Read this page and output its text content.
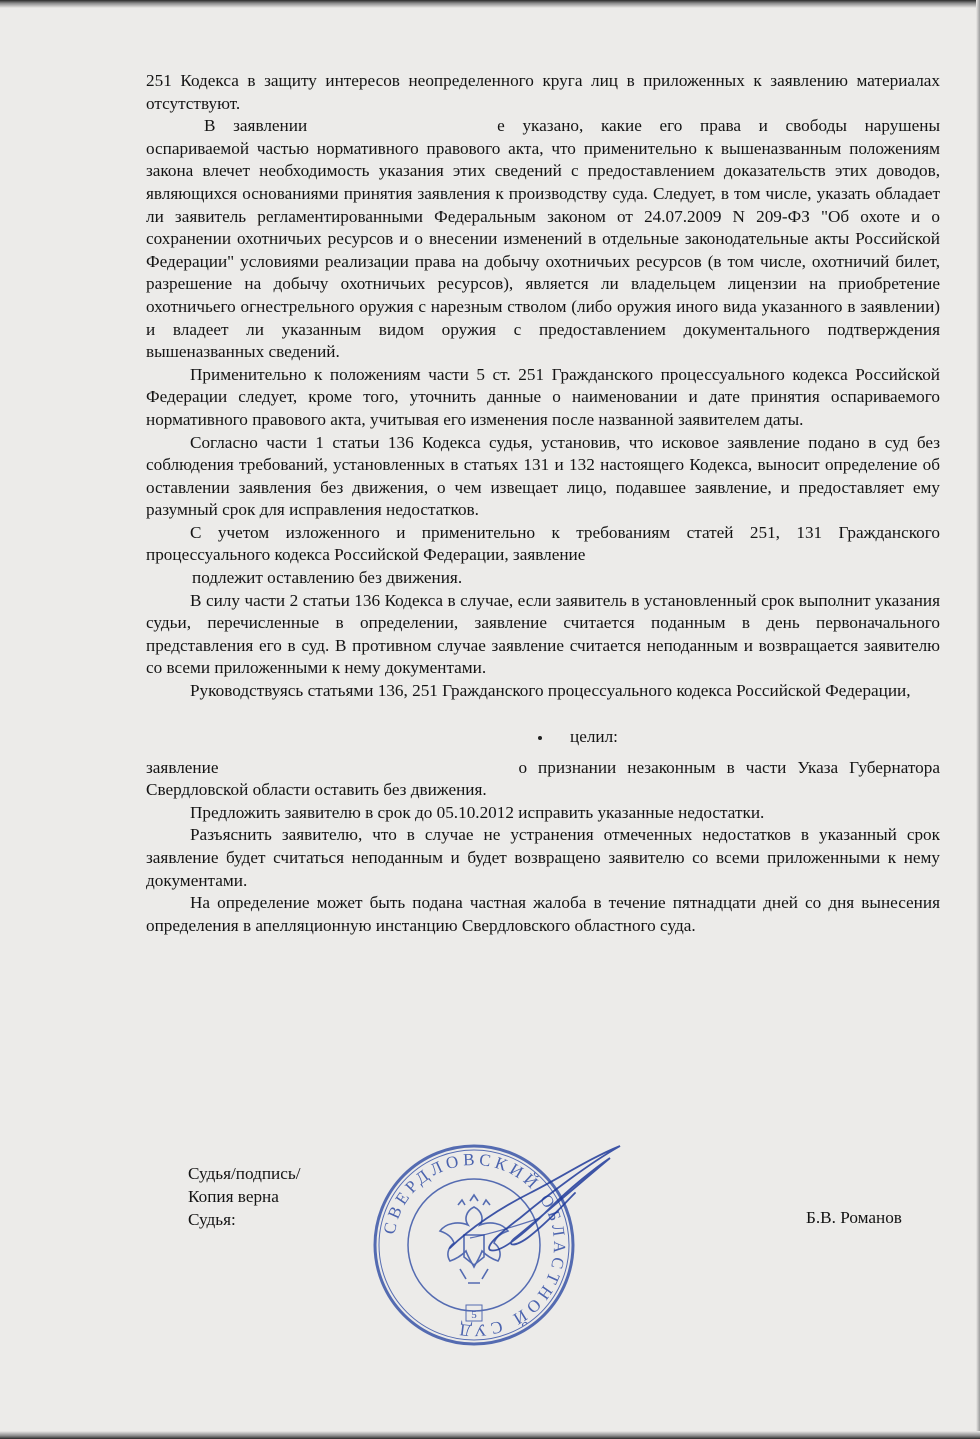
251 Кодекса в защиту интересов неопределенного круга лиц в приложенных к заявлению материалах отсутствуют.

В заявлении	е указано, какие его права и свободы нарушены оспариваемой частью нормативного правового акта, что применительно к вышеназванным положениям закона влечет необходимость указания этих сведений с предоставлением доказательств этих доводов, являющихся основаниями принятия заявления к производству суда. Следует, в том числе, указать обладает ли заявитель регламентированными Федеральным законом от 24.07.2009 N 209-ФЗ "Об охоте и о сохранении охотничьих ресурсов и о внесении изменений в отдельные законодательные акты Российской Федерации" условиями реализации права на добычу охотничьих ресурсов (в том числе, охотничий билет, разрешение на добычу охотничьих ресурсов), является ли владельцем лицензии на приобретение охотничьего огнестрельного оружия с нарезным стволом (либо оружия иного вида указанного в заявлении) и владеет ли указанным видом оружия с предоставлением документального подтверждения вышеназванных сведений.

Применительно к положениям части 5 ст. 251 Гражданского процессуального кодекса Российской Федерации следует, кроме того, уточнить данные о наименовании и дате принятия оспариваемого нормативного правового акта, учитывая его изменения после названной заявителем даты.

Согласно части 1 статьи 136 Кодекса судья, установив, что исковое заявление подано в суд без соблюдения требований, установленных в статьях 131 и 132 настоящего Кодекса, выносит определение об оставлении заявления без движения, о чем извещает лицо, подавшее заявление, и предоставляет ему разумный срок для исправления недостатков.

С учетом изложенного и применительно к требованиям статей 251, 131 Гражданского процессуального кодекса Российской Федерации, заявление

подлежит оставлению без движения.

В силу части 2 статьи 136 Кодекса в случае, если заявитель в установленный срок выполнит указания судьи, перечисленные в определении, заявление считается поданным в день первоначального представления его в суд. В противном случае заявление считается неподанным и возвращается заявителю со всеми приложенными к нему документами.

Руководствуясь статьями 136, 251 Гражданского процессуального кодекса Российской Федерации,

целил:

заявление	о признании незаконным в части Указа Губернатора Свердловской области оставить без движения.

Предложить заявителю в срок до 05.10.2012 исправить указанные недостатки.

Разъяснить заявителю, что в случае не устранения отмеченных недостатков в указанный срок заявление будет считаться неподанным и будет возвращено заявителю со всеми приложенными к нему документами.

На определение может быть подана частная жалоба в течение пятнадцати дней со дня вынесения определения в апелляционную инстанцию Свердловского областного суда.

Судья/подпись/
Копия верна
Судья:	Б.В. Романов
СВЕРДЛОВСКИЙ ОБЛАСТНОЙ СУД
5
